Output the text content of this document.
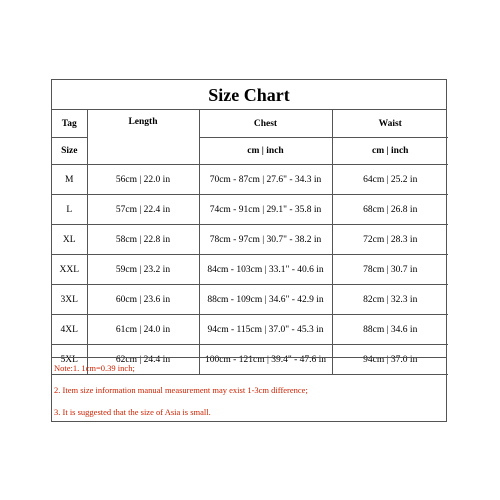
Size Chart
Tag	Length	Chest	Waist
Size		cm | inch	cm | inch
M	56cm | 22.0 in	70cm - 87cm | 27.6" - 34.3 in	64cm | 25.2 in
L	57cm | 22.4 in	74cm - 91cm | 29.1" - 35.8 in	68cm | 26.8 in
XL	58cm | 22.8 in	78cm - 97cm | 30.7" - 38.2 in	72cm | 28.3 in
XXL	59cm | 23.2 in	84cm - 103cm | 33.1" - 40.6 in	78cm | 30.7 in
3XL	60cm | 23.6 in	88cm - 109cm | 34.6" - 42.9 in	82cm | 32.3 in
4XL	61cm | 24.0 in	94cm - 115cm | 37.0" - 45.3 in	88cm | 34.6 in
5XL	62cm | 24.4 in	100cm - 121cm | 39.4" - 47.6 in	94cm | 37.0 in
Note:1. 1cm=0.39 inch;
2. Item size information manual measurement may exist 1-3cm difference;
3. It is suggested that the size of Asia is small.
